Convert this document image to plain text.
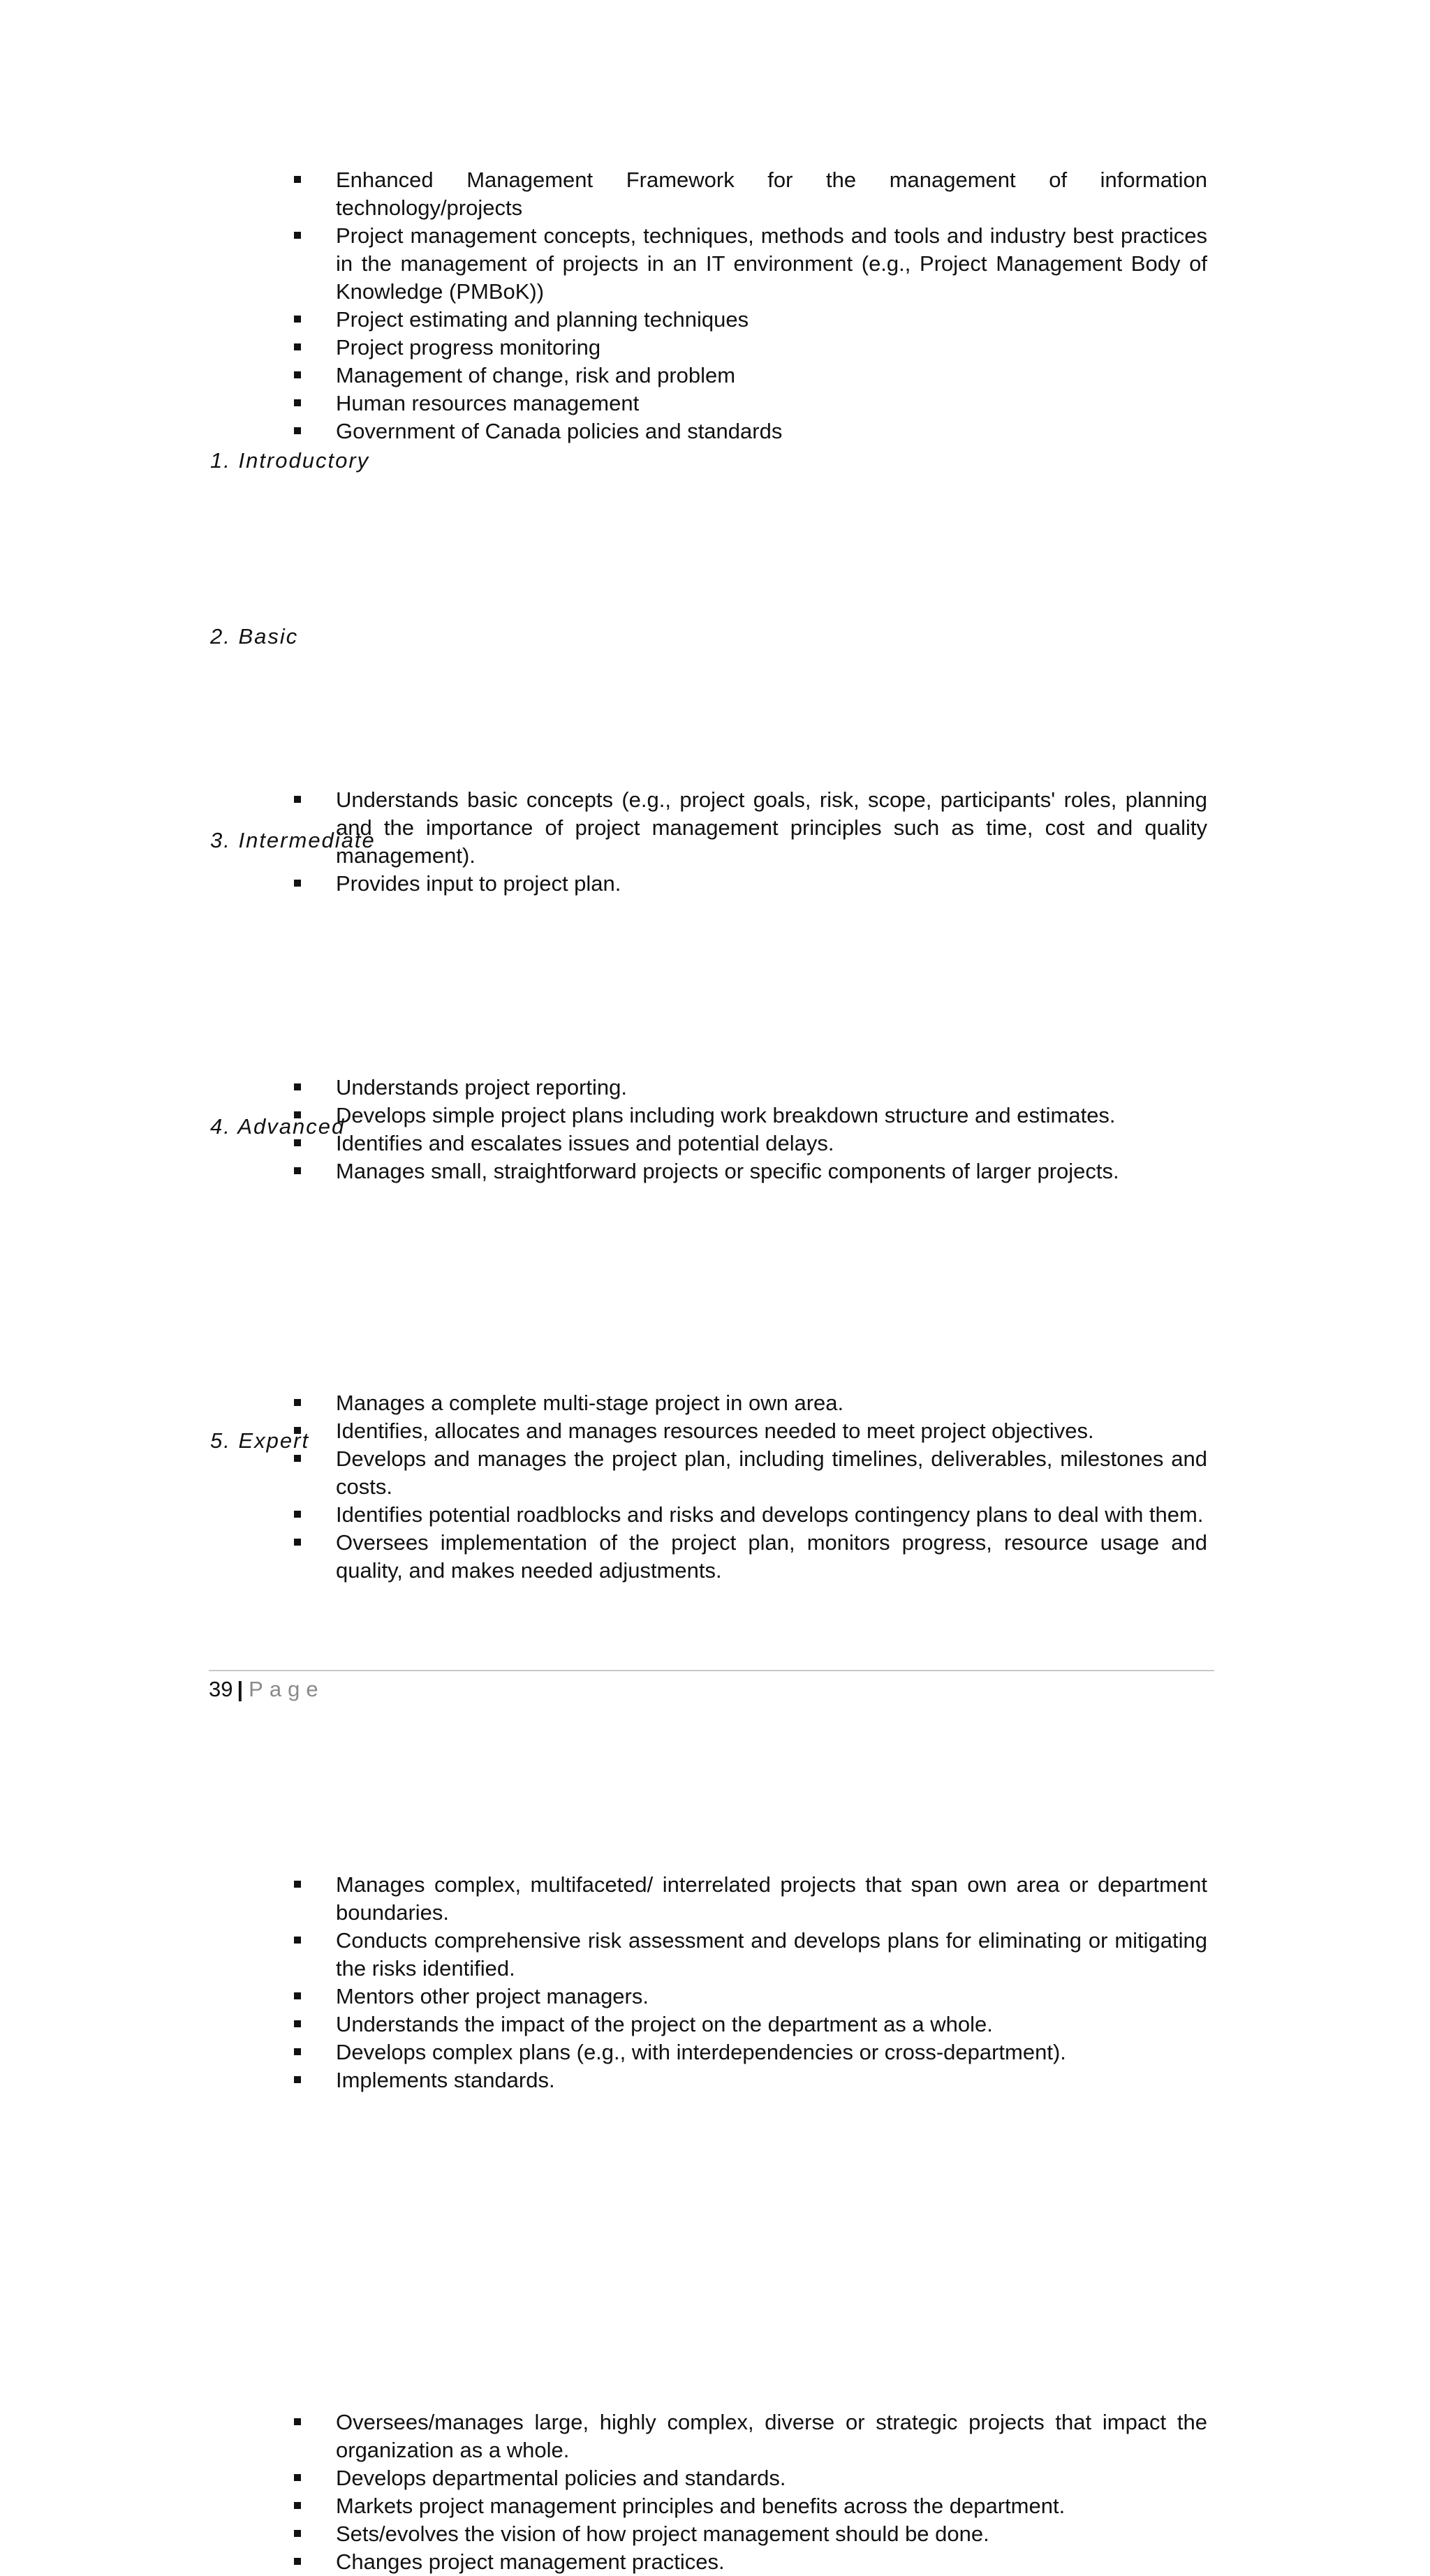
Enhanced Management Framework for the management of information technology/projects
Project management concepts, techniques, methods and tools and industry best practices in the management of projects in an IT environment (e.g., Project Management Body of Knowledge (PMBoK))
Project estimating and planning techniques
Project progress monitoring
Management of change, risk and problem
Human resources management
Government of Canada policies and standards
1. Introductory
Understands basic concepts (e.g., project goals, risk, scope, participants' roles, planning and the importance of project management principles such as time, cost and quality management).
Provides input to project plan.
2. Basic
Understands project reporting.
Develops simple project plans including work breakdown structure and estimates.
Identifies and escalates issues and potential delays.
Manages small, straightforward projects or specific components of larger projects.
3. Intermediate
Manages a complete multi-stage project in own area.
Identifies, allocates and manages resources needed to meet project objectives.
Develops and manages the project plan, including timelines, deliverables, milestones and costs.
Identifies potential roadblocks and risks and develops contingency plans to deal with them.
Oversees implementation of the project plan, monitors progress, resource usage and quality, and makes needed adjustments.
4. Advanced
Manages complex, multifaceted/ interrelated projects that span own area or department boundaries.
Conducts comprehensive risk assessment and develops plans for eliminating or mitigating the risks identified.
Mentors other project managers.
Understands the impact of the project on the department as a whole.
Develops complex plans (e.g., with interdependencies or cross-department).
Implements standards.
5. Expert
Oversees/manages large, highly complex, diverse or strategic projects that impact the organization as a whole.
Develops departmental policies and standards.
Markets project management principles and benefits across the department.
Sets/evolves the vision of how project management should be done.
Changes project management practices.
39 | Page
